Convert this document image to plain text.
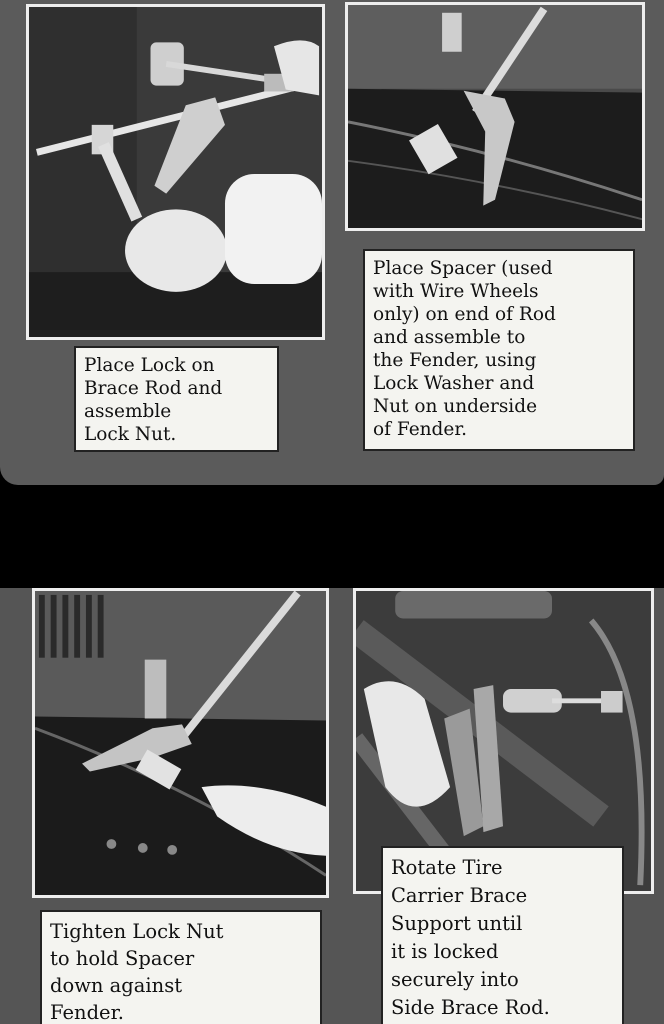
Place Lock on
Brace Rod and
assemble
Lock Nut.
Place Spacer (used
with Wire Wheels
only) on end of Rod
and assemble to
the Fender, using
Lock Washer and
Nut on underside
of Fender.
Tighten Lock Nut
to hold Spacer
down against
Fender.
Rotate Tire
Carrier Brace
Support until
it is locked
securely into
Side Brace Rod.
